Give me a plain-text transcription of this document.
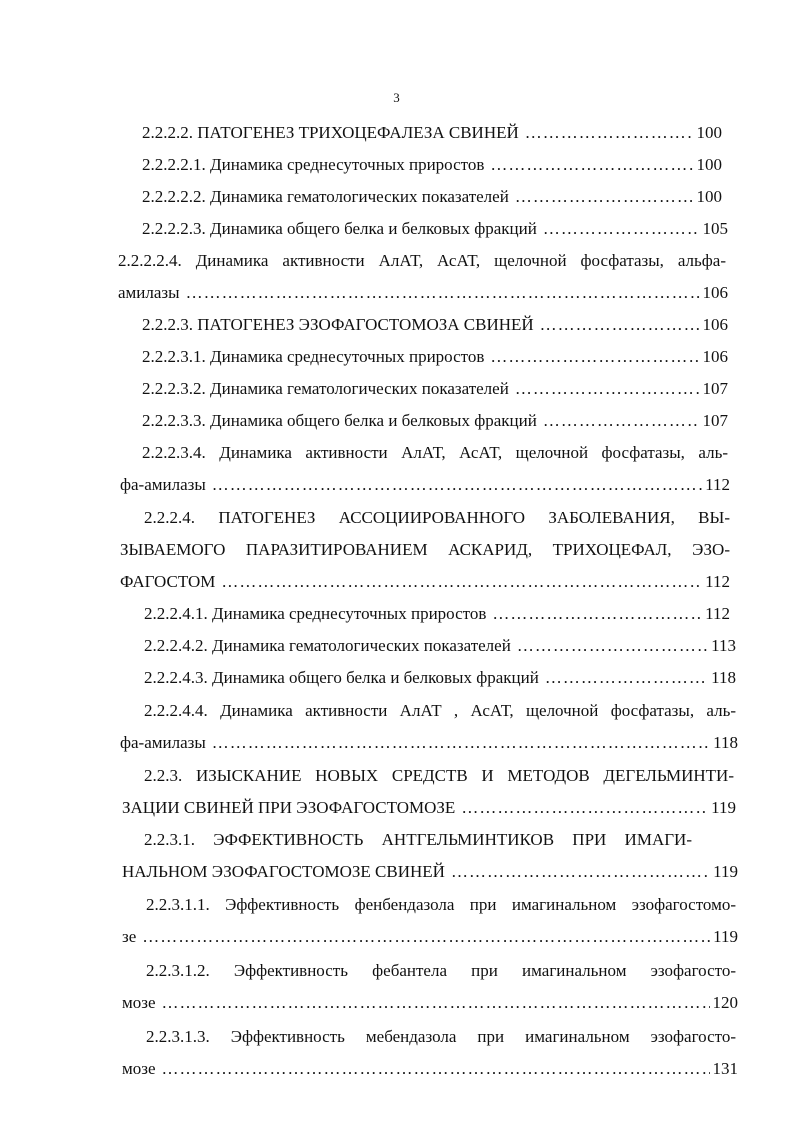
3
2.2.2.2. ПАТОГЕНЕЗ ТРИХОЦЕФАЛЕЗА СВИНЕЙ ……………………………………………………………………………………………………………………………………………………………………………	100
2.2.2.2.1. Динамика среднесуточных приростов ……………………………………………………………………………………………………………………………………………………………………………	100
2.2.2.2.2. Динамика гематологических показателей ……………………………………………………………………………………………………………………………………………………………………………	100
2.2.2.2.3. Динамика общего белка и белковых фракций ……………………………………………………………………………………………………………………………………………………………………………	105
2.2.2.2.4. Динамика активности АлАТ, АсАТ, щелочной фосфатазы, альфа-
амилазы ……………………………………………………………………………………………………………………………………………………………………………	106
2.2.2.3. ПАТОГЕНЕЗ ЭЗОФАГОСТОМОЗА СВИНЕЙ ……………………………………………………………………………………………………………………………………………………………………………	106
2.2.2.3.1. Динамика среднесуточных приростов ……………………………………………………………………………………………………………………………………………………………………………	106
2.2.2.3.2. Динамика гематологических показателей ……………………………………………………………………………………………………………………………………………………………………………	107
2.2.2.3.3. Динамика общего белка и белковых фракций ……………………………………………………………………………………………………………………………………………………………………………	107
2.2.2.3.4. Динамика активности АлАТ, АсАТ, щелочной фосфатазы, аль-
фа-амилазы ……………………………………………………………………………………………………………………………………………………………………………	112
2.2.2.4. ПАТОГЕНЕЗ АССОЦИИРОВАННОГО ЗАБОЛЕВАНИЯ, ВЫ-
ЗЫВАЕМОГО ПАРАЗИТИРОВАНИЕМ АСКАРИД, ТРИХОЦЕФАЛ, ЭЗО-
ФАГОСТОМ ……………………………………………………………………………………………………………………………………………………………………………	112
2.2.2.4.1. Динамика среднесуточных приростов ……………………………………………………………………………………………………………………………………………………………………………	112
2.2.2.4.2. Динамика гематологических показателей ……………………………………………………………………………………………………………………………………………………………………………	113
2.2.2.4.3. Динамика общего белка и белковых фракций ……………………………………………………………………………………………………………………………………………………………………………	118
2.2.2.4.4. Динамика активности АлАТ , АсАТ, щелочной фосфатазы, аль-
фа-амилазы ……………………………………………………………………………………………………………………………………………………………………………	118
2.2.3. ИЗЫСКАНИЕ НОВЫХ СРЕДСТВ И МЕТОДОВ ДЕГЕЛЬМИНТИ-
ЗАЦИИ СВИНЕЙ ПРИ ЭЗОФАГОСТОМОЗЕ ……………………………………………………………………………………………………………………………………………………………………………	119
2.2.3.1. ЭФФЕКТИВНОСТЬ АНТГЕЛЬМИНТИКОВ ПРИ ИМАГИ-
НАЛЬНОМ ЭЗОФАГОСТОМОЗЕ СВИНЕЙ ……………………………………………………………………………………………………………………………………………………………………………	119
2.2.3.1.1. Эффективность фенбендазола при имагинальном эзофагостомо-
зе ……………………………………………………………………………………………………………………………………………………………………………	119
2.2.3.1.2. Эффективность фебантела при имагинальном эзофагосто-
мозе ……………………………………………………………………………………………………………………………………………………………………………	120
2.2.3.1.3. Эффективность мебендазола при имагинальном эзофагосто-
мозе ……………………………………………………………………………………………………………………………………………………………………………	131
